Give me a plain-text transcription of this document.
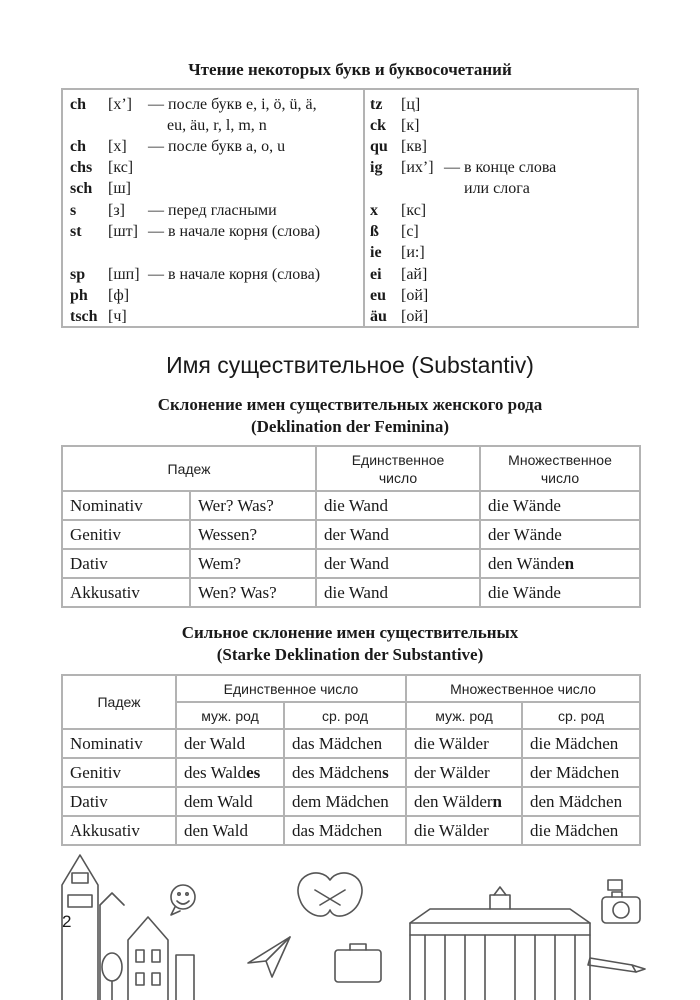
Чтение некоторых букв и буквосочетаний
ch [х’] — после букв e, i, ö, ü, ä,
eu, äu, r, l, m, n
ch [х] — после букв a, o, u
chs [кс]
sch [ш]
s [з] — перед гласными
st [шт] — в начале корня (слова)
sp [шп] — в начале корня (слова)
ph [ф]
tsch [ч]
tz [ц]
ck [к]
qu [кв]
ig [их’] — в конце слова
или слога
x [кс]
ß [с]
ie [и:]
ei [ай]
eu [ой]
äu [ой]
Имя существительное (Substantiv)
Склонение имен существительных женского рода
(Deklination der Feminina)
Падеж		Единственное число	Множественное число
Nominativ	Wer? Was?	die Wand	die Wände
Genitiv	Wessen?	der Wand	der Wände
Dativ	Wem?	der Wand	den Wänden
Akkusativ	Wen? Was?	die Wand	die Wände
Сильное склонение имен существительных
(Starke Deklination der Substantive)
Падеж	Единственное число		Множественное число	
	муж. род	ср. род	муж. род	ср. род
Nominativ	der Wald	das Mädchen	die Wälder	die Mädchen
Genitiv	des Waldes	des Mädchens	der Wälder	der Mädchen
Dativ	dem Wald	dem Mädchen	den Wäldern	den Mädchen
Akkusativ	den Wald	das Mädchen	die Wälder	die Mädchen
2
